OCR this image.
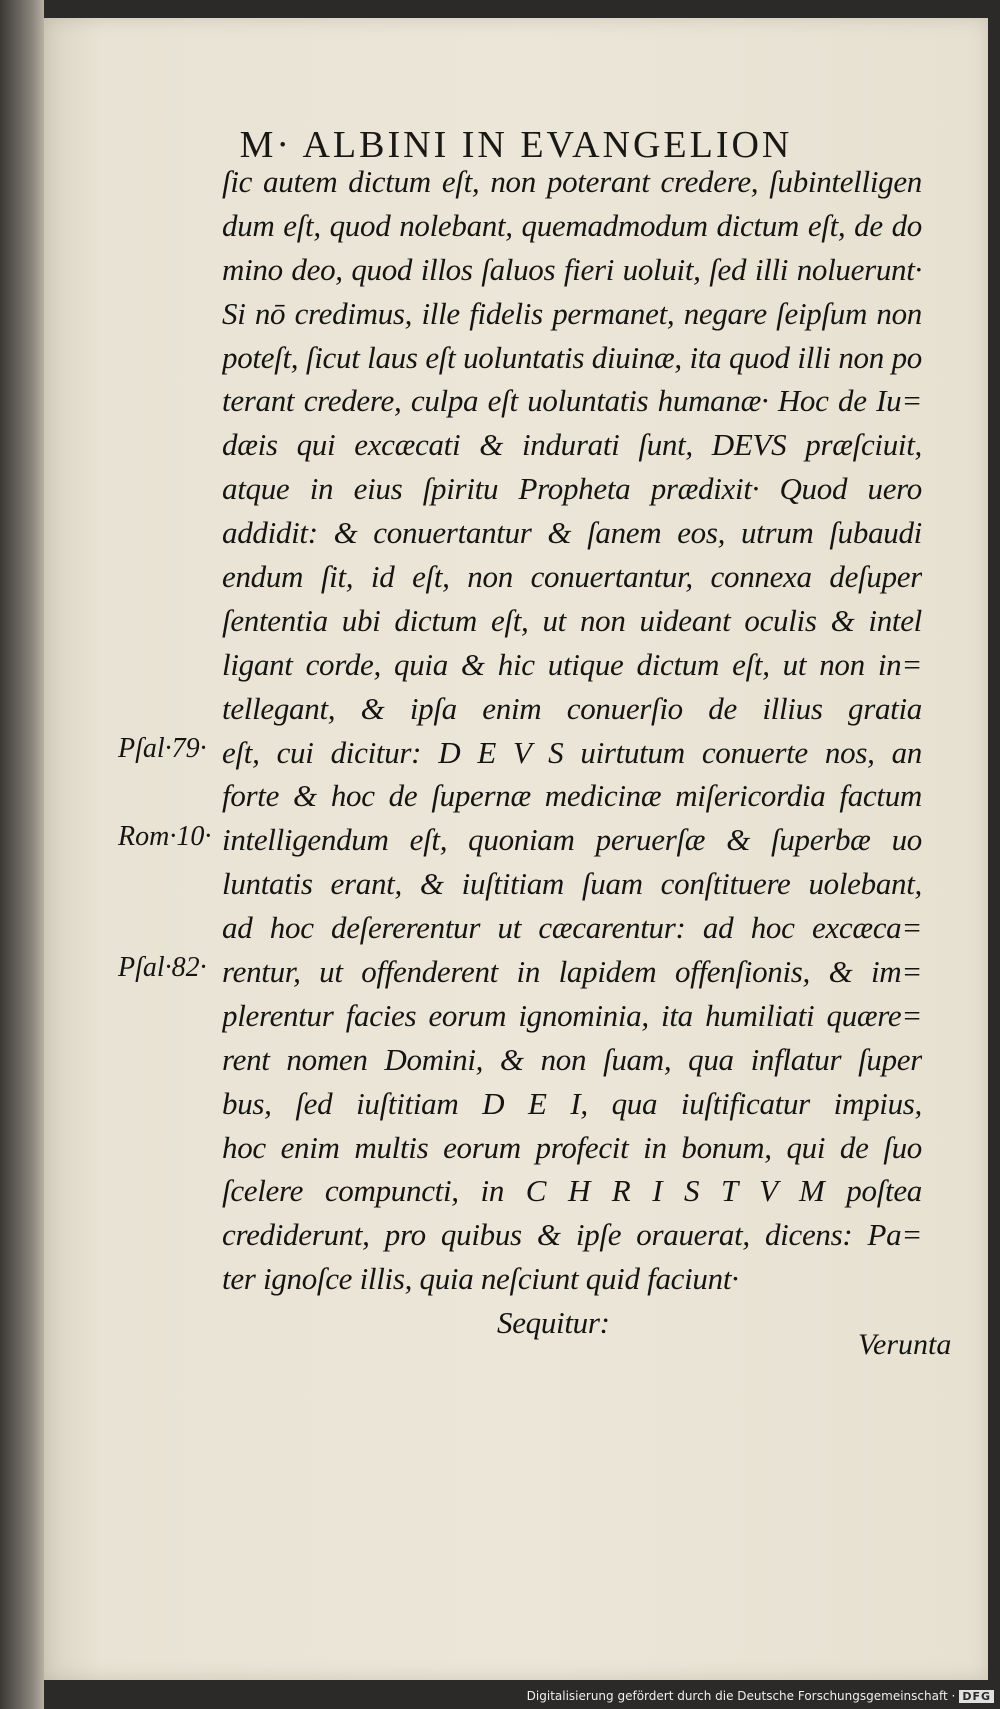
M· ALBINI IN EVANGELION
ſic autem dictum eſt, non poterant credere, ſubintelligen
dum eſt, quod nolebant, quemadmodum dictum eſt, de do
mino deo, quod illos ſaluos fieri uoluit, ſed illi noluerunt·
Si nō credimus, ille fidelis permanet, negare ſeipſum non
poteſt, ſicut laus eſt uoluntatis diuinæ, ita quod illi non po
terant credere, culpa eſt uoluntatis humanæ· Hoc de Iu=
dæis qui excæcati & indurati ſunt, DEVS præſciuit,
atque in eius ſpiritu Propheta prædixit· Quod uero
addidit: & conuertantur & ſanem eos, utrum ſubaudi
endum ſit, id eſt, non conuertantur, connexa deſuper
ſententia ubi dictum eſt, ut non uideant oculis & intel
ligant corde, quia & hic utique dictum eſt, ut non in=
tellegant, & ipſa enim conuerſio de illius gratia
eſt, cui dicitur: D E V S uirtutum conuerte nos, an
forte & hoc de ſupernæ medicinæ miſericordia factum
intelligendum eſt, quoniam peruerſæ & ſuperbæ uo
luntatis erant, & iuſtitiam ſuam conſtituere uolebant,
ad hoc deſererentur ut cæcarentur: ad hoc excæca=
rentur, ut offenderent in lapidem offenſionis, & im=
plerentur facies eorum ignominia, ita humiliati quære=
rent nomen Domini, & non ſuam, qua inflatur ſuper
bus, ſed iuſtitiam D E I, qua iuſtificatur impius,
hoc enim multis eorum profecit in bonum, qui de ſuo
ſcelere compuncti, in C H R I S T V M poſtea
crediderunt, pro quibus & ipſe orauerat, dicens: Pa=
ter ignoſce illis, quia neſciunt quid faciunt·
Sequitur:
Verunta
Pſal·79·
Rom·10·
Pſal·82·
Digitalisierung gefördert durch die Deutsche Forschungsgemeinschaft · DFG
